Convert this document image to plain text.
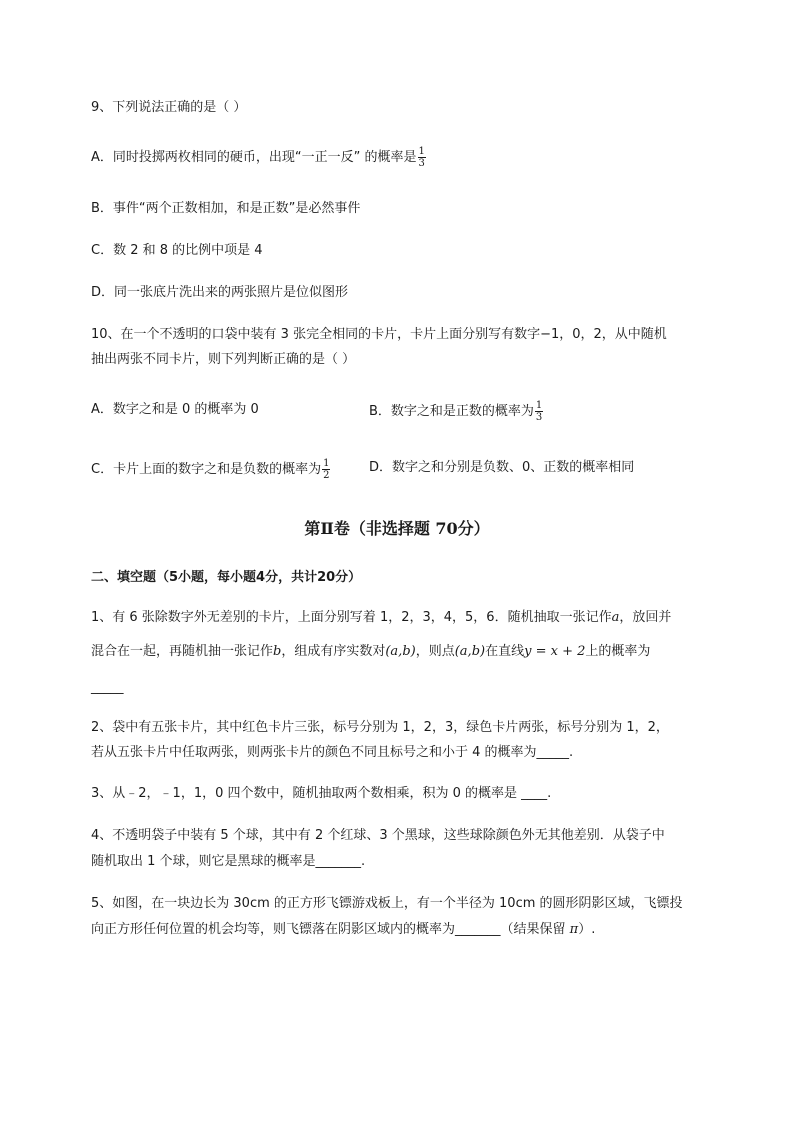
9、下列说法正确的是（ ）
A．同时投掷两枚相同的硬币，出现“一正一反” 的概率是 $\frac{1}{3}$
B．事件“两个正数相加，和是正数”是必然事件
C．数 2 和 8 的比例中项是 4
D．同一张底片洗出来的两张照片是位似图形
10、在一个不透明的口袋中装有 3 张完全相同的卡片，卡片上面分别写有数字−1，0，2，从中随机
抽出两张不同卡片，则下列判断正确的是（ ）
A．数字之和是 0 的概率为 0	B．数字之和是正数的概率为 $\frac{1}{3}$
C．卡片上面的数字之和是负数的概率为 $\frac{1}{2}$	D．数字之和分别是负数、0、正数的概率相同
第Ⅱ卷（非选择题 70分）
二、填空题（5小题，每小题4分，共计20分）
1、有 6 张除数字外无差别的卡片，上面分别写着 1，2，3，4，5，6．随机抽取一张记作a，放回并
混合在一起，再随机抽一张记作b，组成有序实数对(a,b)，则点(a,b)在直线y = x + 2上的概率为
_____
2、袋中有五张卡片，其中红色卡片三张，标号分别为 1，2，3，绿色卡片两张，标号分别为 1，2，
若从五张卡片中任取两张，则两张卡片的颜色不同且标号之和小于 4 的概率为_____.
3、从﹣2，﹣1，1，0 四个数中，随机抽取两个数相乘，积为 0 的概率是 ____.
4、不透明袋子中装有 5 个球，其中有 2 个红球、3 个黑球，这些球除颜色外无其他差别．从袋子中
随机取出 1 个球，则它是黑球的概率是_______.
5、如图，在一块边长为 30cm 的正方形飞镖游戏板上，有一个半径为 10cm 的圆形阴影区域，飞镖投
向正方形任何位置的机会均等，则飞镖落在阴影区域内的概率为_______（结果保留 π）.
